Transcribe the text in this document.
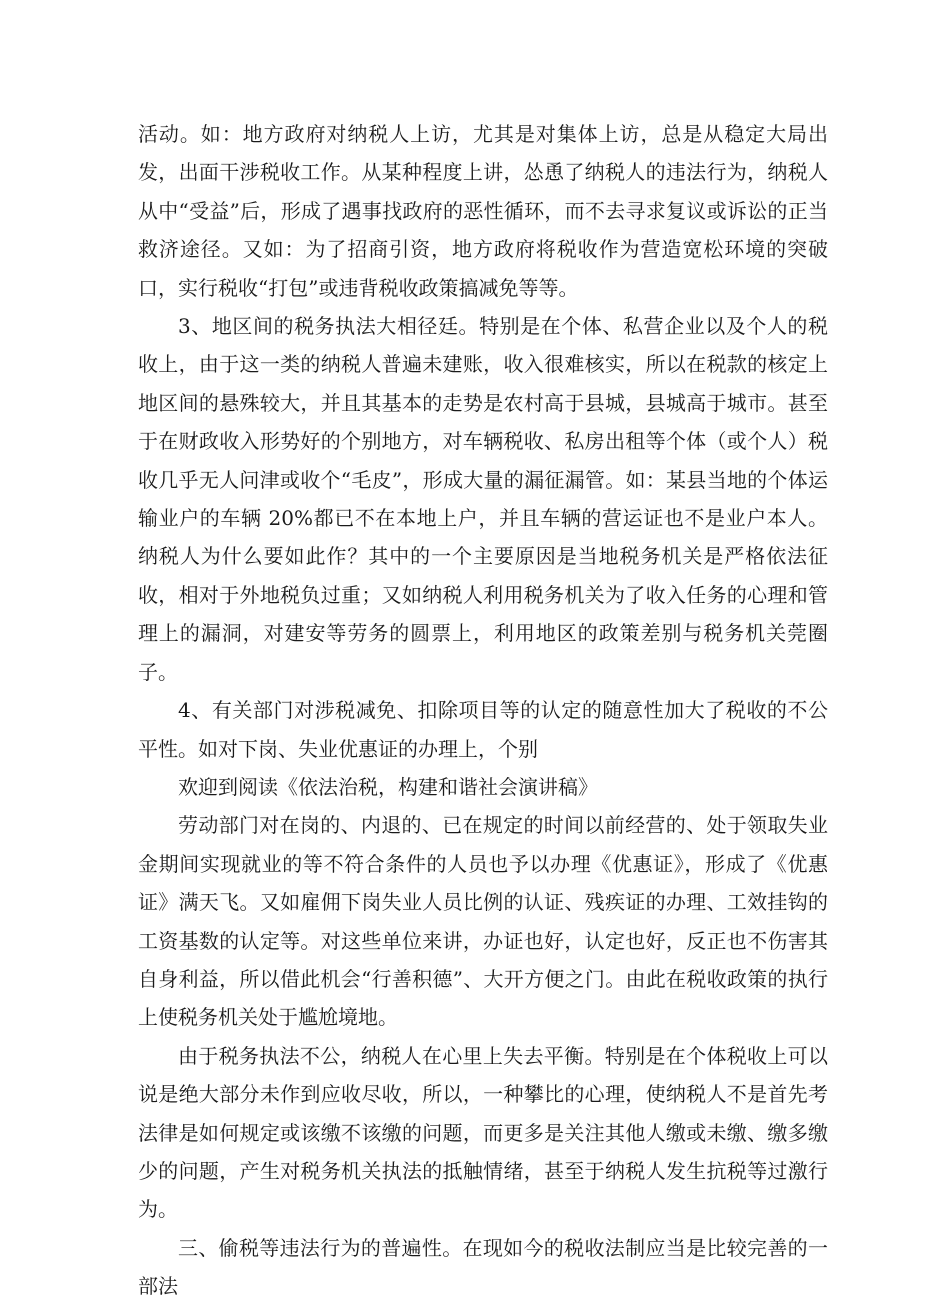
活动。如：地方政府对纳税人上访，尤其是对集体上访，总是从稳定大局出发，出面干涉税收工作。从某种程度上讲，怂恿了纳税人的违法行为，纳税人从中“受益”后，形成了遇事找政府的恶性循环，而不去寻求复议或诉讼的正当救济途径。又如：为了招商引资，地方政府将税收作为营造宽松环境的突破口，实行税收“打包”或违背税收政策搞减免等等。

3、地区间的税务执法大相径廷。特别是在个体、私营企业以及个人的税收上，由于这一类的纳税人普遍未建账，收入很难核实，所以在税款的核定上地区间的悬殊较大，并且其基本的走势是农村高于县城，县城高于城市。甚至于在财政收入形势好的个别地方，对车辆税收、私房出租等个体（或个人）税收几乎无人问津或收个“毛皮”，形成大量的漏征漏管。如：某县当地的个体运输业户的车辆 20%都已不在本地上户，并且车辆的营运证也不是业户本人。纳税人为什么要如此作？其中的一个主要原因是当地税务机关是严格依法征收，相对于外地税负过重；又如纳税人利用税务机关为了收入任务的心理和管理上的漏洞，对建安等劳务的圆票上，利用地区的政策差别与税务机关莞圈子。

4、有关部门对涉税减免、扣除项目等的认定的随意性加大了税收的不公平性。如对下岗、失业优惠证的办理上，个别

欢迎到阅读《依法治税，构建和谐社会演讲稿》

劳动部门对在岗的、内退的、已在规定的时间以前经营的、处于领取失业金期间实现就业的等不符合条件的人员也予以办理《优惠证》，形成了《优惠证》满天飞。又如雇佣下岗失业人员比例的认证、残疾证的办理、工效挂钩的工资基数的认定等。对这些单位来讲，办证也好，认定也好，反正也不伤害其自身利益，所以借此机会“行善积德”、大开方便之门。由此在税收政策的执行上使税务机关处于尴尬境地。

由于税务执法不公，纳税人在心里上失去平衡。特别是在个体税收上可以说是绝大部分未作到应收尽收，所以，一种攀比的心理，使纳税人不是首先考法律是如何规定或该缴不该缴的问题，而更多是关注其他人缴或未缴、缴多缴少的问题，产生对税务机关执法的抵触情绪，甚至于纳税人发生抗税等过激行为。

三、偷税等违法行为的普遍性。在现如今的税收法制应当是比较完善的一部法
